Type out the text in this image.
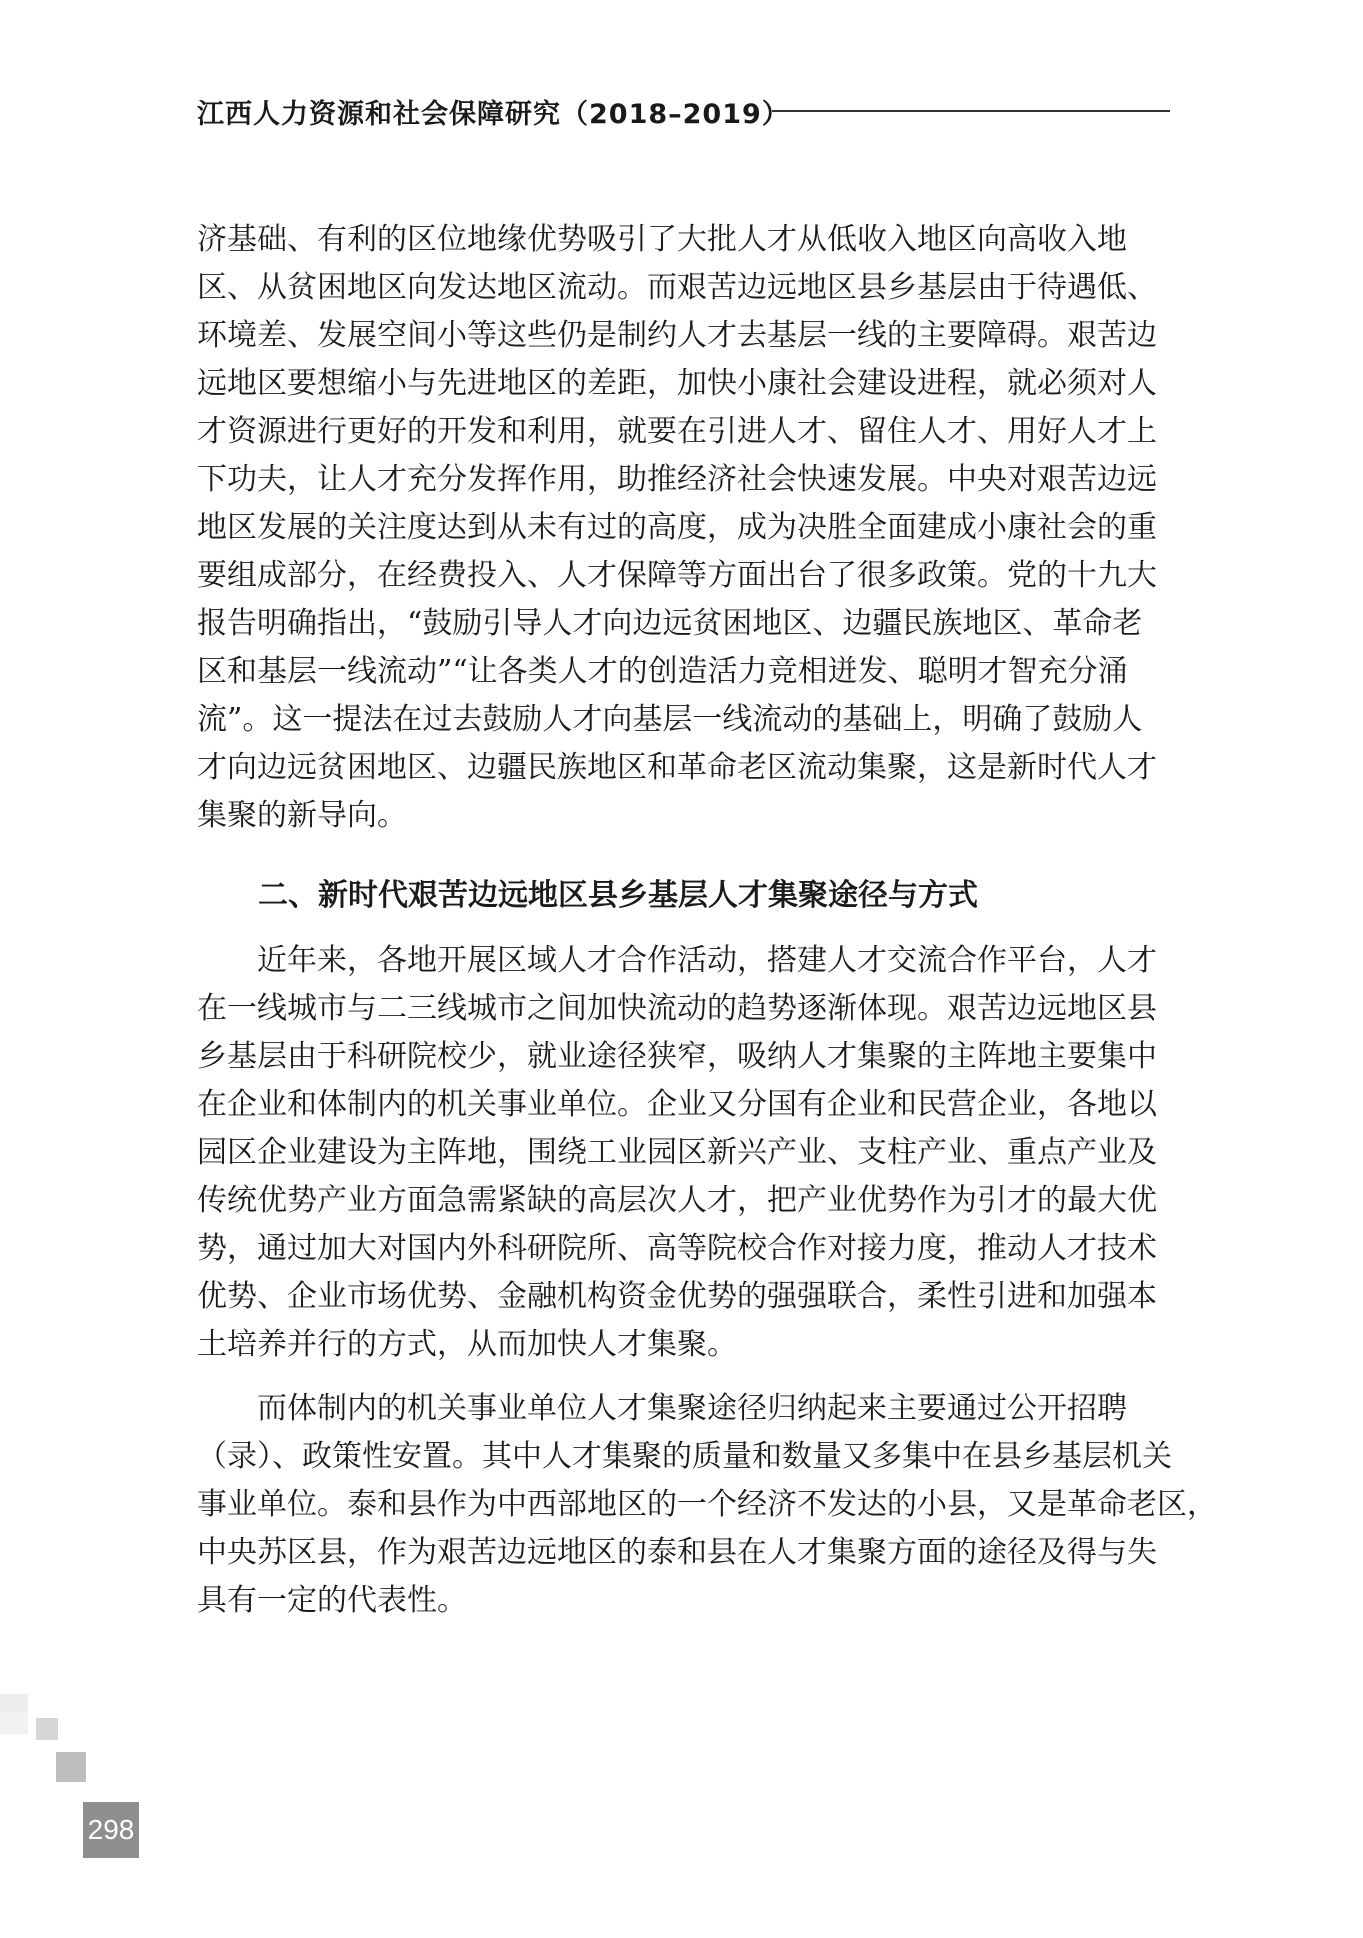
江西人力资源和社会保障研究（2018–2019）
济基础、有利的区位地缘优势吸引了大批人才从低收入地区向高收入地
区、从贫困地区向发达地区流动。而艰苦边远地区县乡基层由于待遇低、
环境差、发展空间小等这些仍是制约人才去基层一线的主要障碍。艰苦边
远地区要想缩小与先进地区的差距，加快小康社会建设进程，就必须对人
才资源进行更好的开发和利用，就要在引进人才、留住人才、用好人才上
下功夫，让人才充分发挥作用，助推经济社会快速发展。中央对艰苦边远
地区发展的关注度达到从未有过的高度，成为决胜全面建成小康社会的重
要组成部分，在经费投入、人才保障等方面出台了很多政策。党的十九大
报告明确指出，“鼓励引导人才向边远贫困地区、边疆民族地区、革命老
区和基层一线流动”“让各类人才的创造活力竞相迸发、聪明才智充分涌
流”。这一提法在过去鼓励人才向基层一线流动的基础上，明确了鼓励人
才向边远贫困地区、边疆民族地区和革命老区流动集聚，这是新时代人才
集聚的新导向。
二、新时代艰苦边远地区县乡基层人才集聚途径与方式
近年来，各地开展区域人才合作活动，搭建人才交流合作平台，人才
在一线城市与二三线城市之间加快流动的趋势逐渐体现。艰苦边远地区县
乡基层由于科研院校少，就业途径狭窄，吸纳人才集聚的主阵地主要集中
在企业和体制内的机关事业单位。企业又分国有企业和民营企业，各地以
园区企业建设为主阵地，围绕工业园区新兴产业、支柱产业、重点产业及
传统优势产业方面急需紧缺的高层次人才，把产业优势作为引才的最大优
势，通过加大对国内外科研院所、高等院校合作对接力度，推动人才技术
优势、企业市场优势、金融机构资金优势的强强联合，柔性引进和加强本
土培养并行的方式，从而加快人才集聚。
而体制内的机关事业单位人才集聚途径归纳起来主要通过公开招聘
（录）、政策性安置。其中人才集聚的质量和数量又多集中在县乡基层机关
事业单位。泰和县作为中西部地区的一个经济不发达的小县，又是革命老区，
中央苏区县，作为艰苦边远地区的泰和县在人才集聚方面的途径及得与失
具有一定的代表性。
298
